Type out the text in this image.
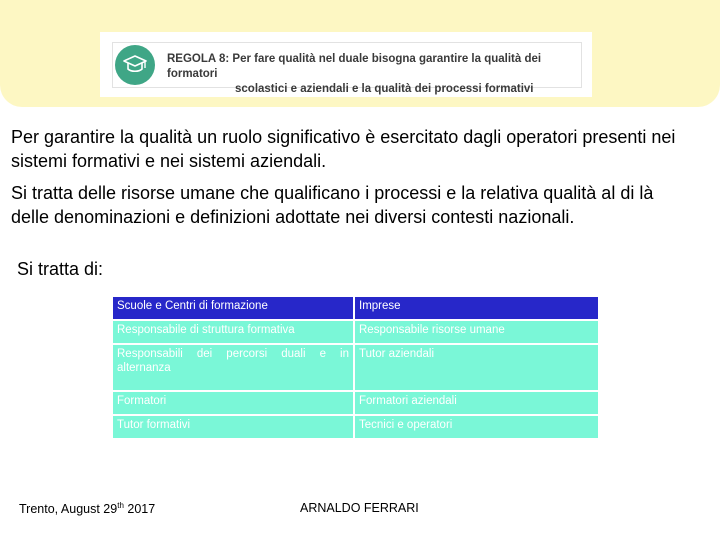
REGOLA 8: Per fare qualità nel duale bisogna garantire la qualità dei formatori
scolastici e aziendali e la qualità dei processi formativi
Per garantire la qualità un ruolo significativo è esercitato dagli operatori presenti nei sistemi formativi e nei sistemi aziendali.
Si tratta delle risorse umane che qualificano i processi e la relativa qualità al di là delle denominazioni e definizioni adottate nei diversi contesti nazionali.
Si tratta di:
Scuole e Centri di formazione	Imprese
Responsabile di struttura formativa	Responsabile risorse umane
Responsabili dei percorsi duali e in alternanza	Tutor aziendali
Formatori	Formatori aziendali
Tutor formativi	Tecnici e operatori
Trento, August 29th 2017	ARNALDO FERRARI
